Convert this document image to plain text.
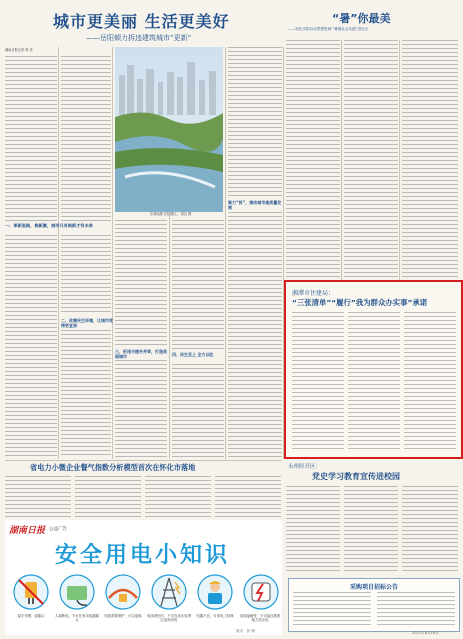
城市更美丽 生活更美好
——岳阳倾力拆违建筑城市“更新”
湖南日报记者 曾 伟
一、革新思路，换新颜，城市只有焕新才有未来
二、改善民生环境，让城市变得更宜居
东洞庭湖·岳阳楼区。 周良 摄
三、拆违与提升并举，打造美丽城市	四、民生至上 全力以赴
聚力“拆”，推动城市高质量发展
“暑”你最美
——怀化学院启动思想进城·“暑期社会实践”进社区
湘潭市住建局：
“三张清单”“履行”我为群众办实事”承诺
省电力小微企业餐气指数分析模型首次在怀化市落地
湖南日报 公益广告
安全用电小知识
湿手勿摸、湿插头	人离断电、不可在家用电器插头
电线需要保护，可以更换	电线老化时，不可在高压电塔区违规用电
电器不良，可请电工检修	电线接触等，不可接近插座地方高压电
永州经开区：
党史学习教育宣传进校园
采购项目招标公告
版式：彭 晓	2021年8月18日
